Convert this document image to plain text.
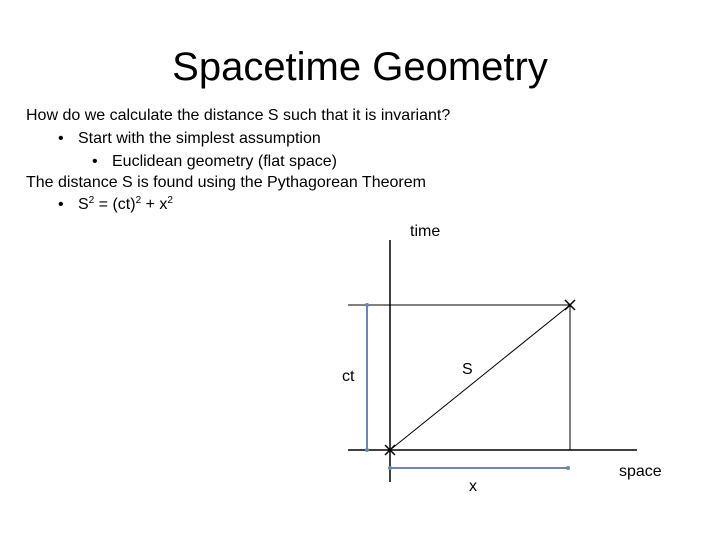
Spacetime Geometry
How do we calculate the distance S such that it is invariant?
• Start with the simplest assumption
• Euclidean geometry (flat space)
The distance S is found using the Pythagorean Theorem
• $S^2 = (ct)^2 + x^2$
time
space
ct	S
x
